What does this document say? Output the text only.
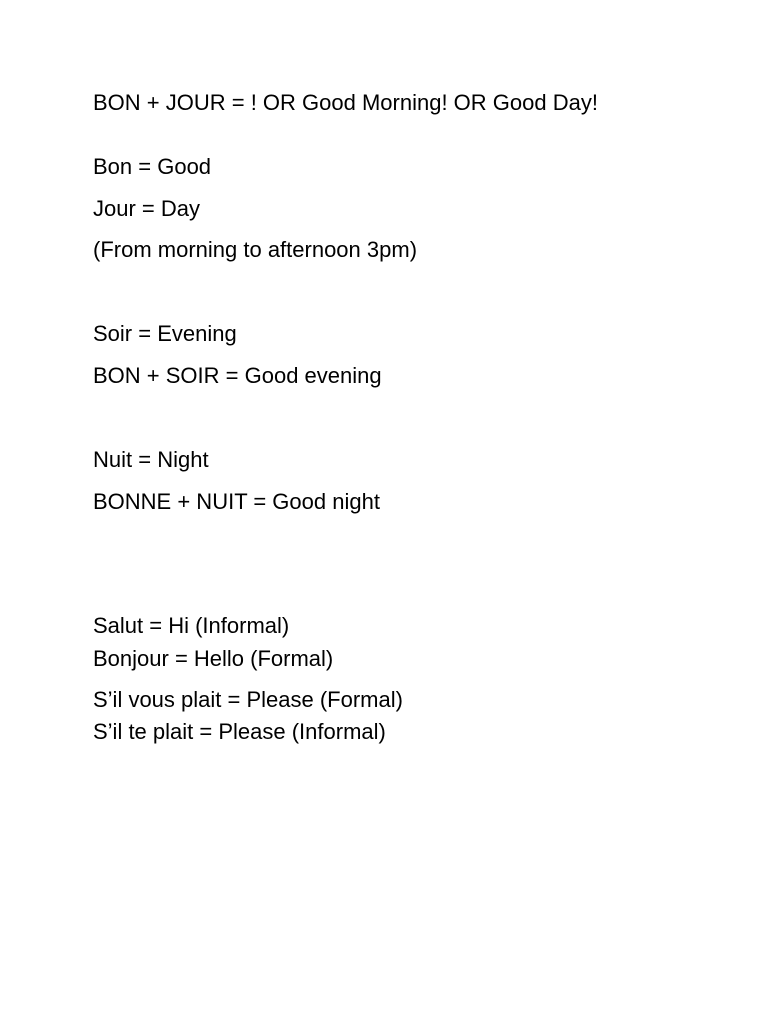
BON + JOUR = ! OR Good Morning! OR Good Day!
Bon = Good
Jour = Day
(From morning to afternoon 3pm)
Soir = Evening
BON + SOIR = Good evening
Nuit = Night
BONNE + NUIT = Good night
Salut = Hi (Informal)
Bonjour = Hello (Formal)
S’il vous plait = Please (Formal)
S’il te plait = Please (Informal)
